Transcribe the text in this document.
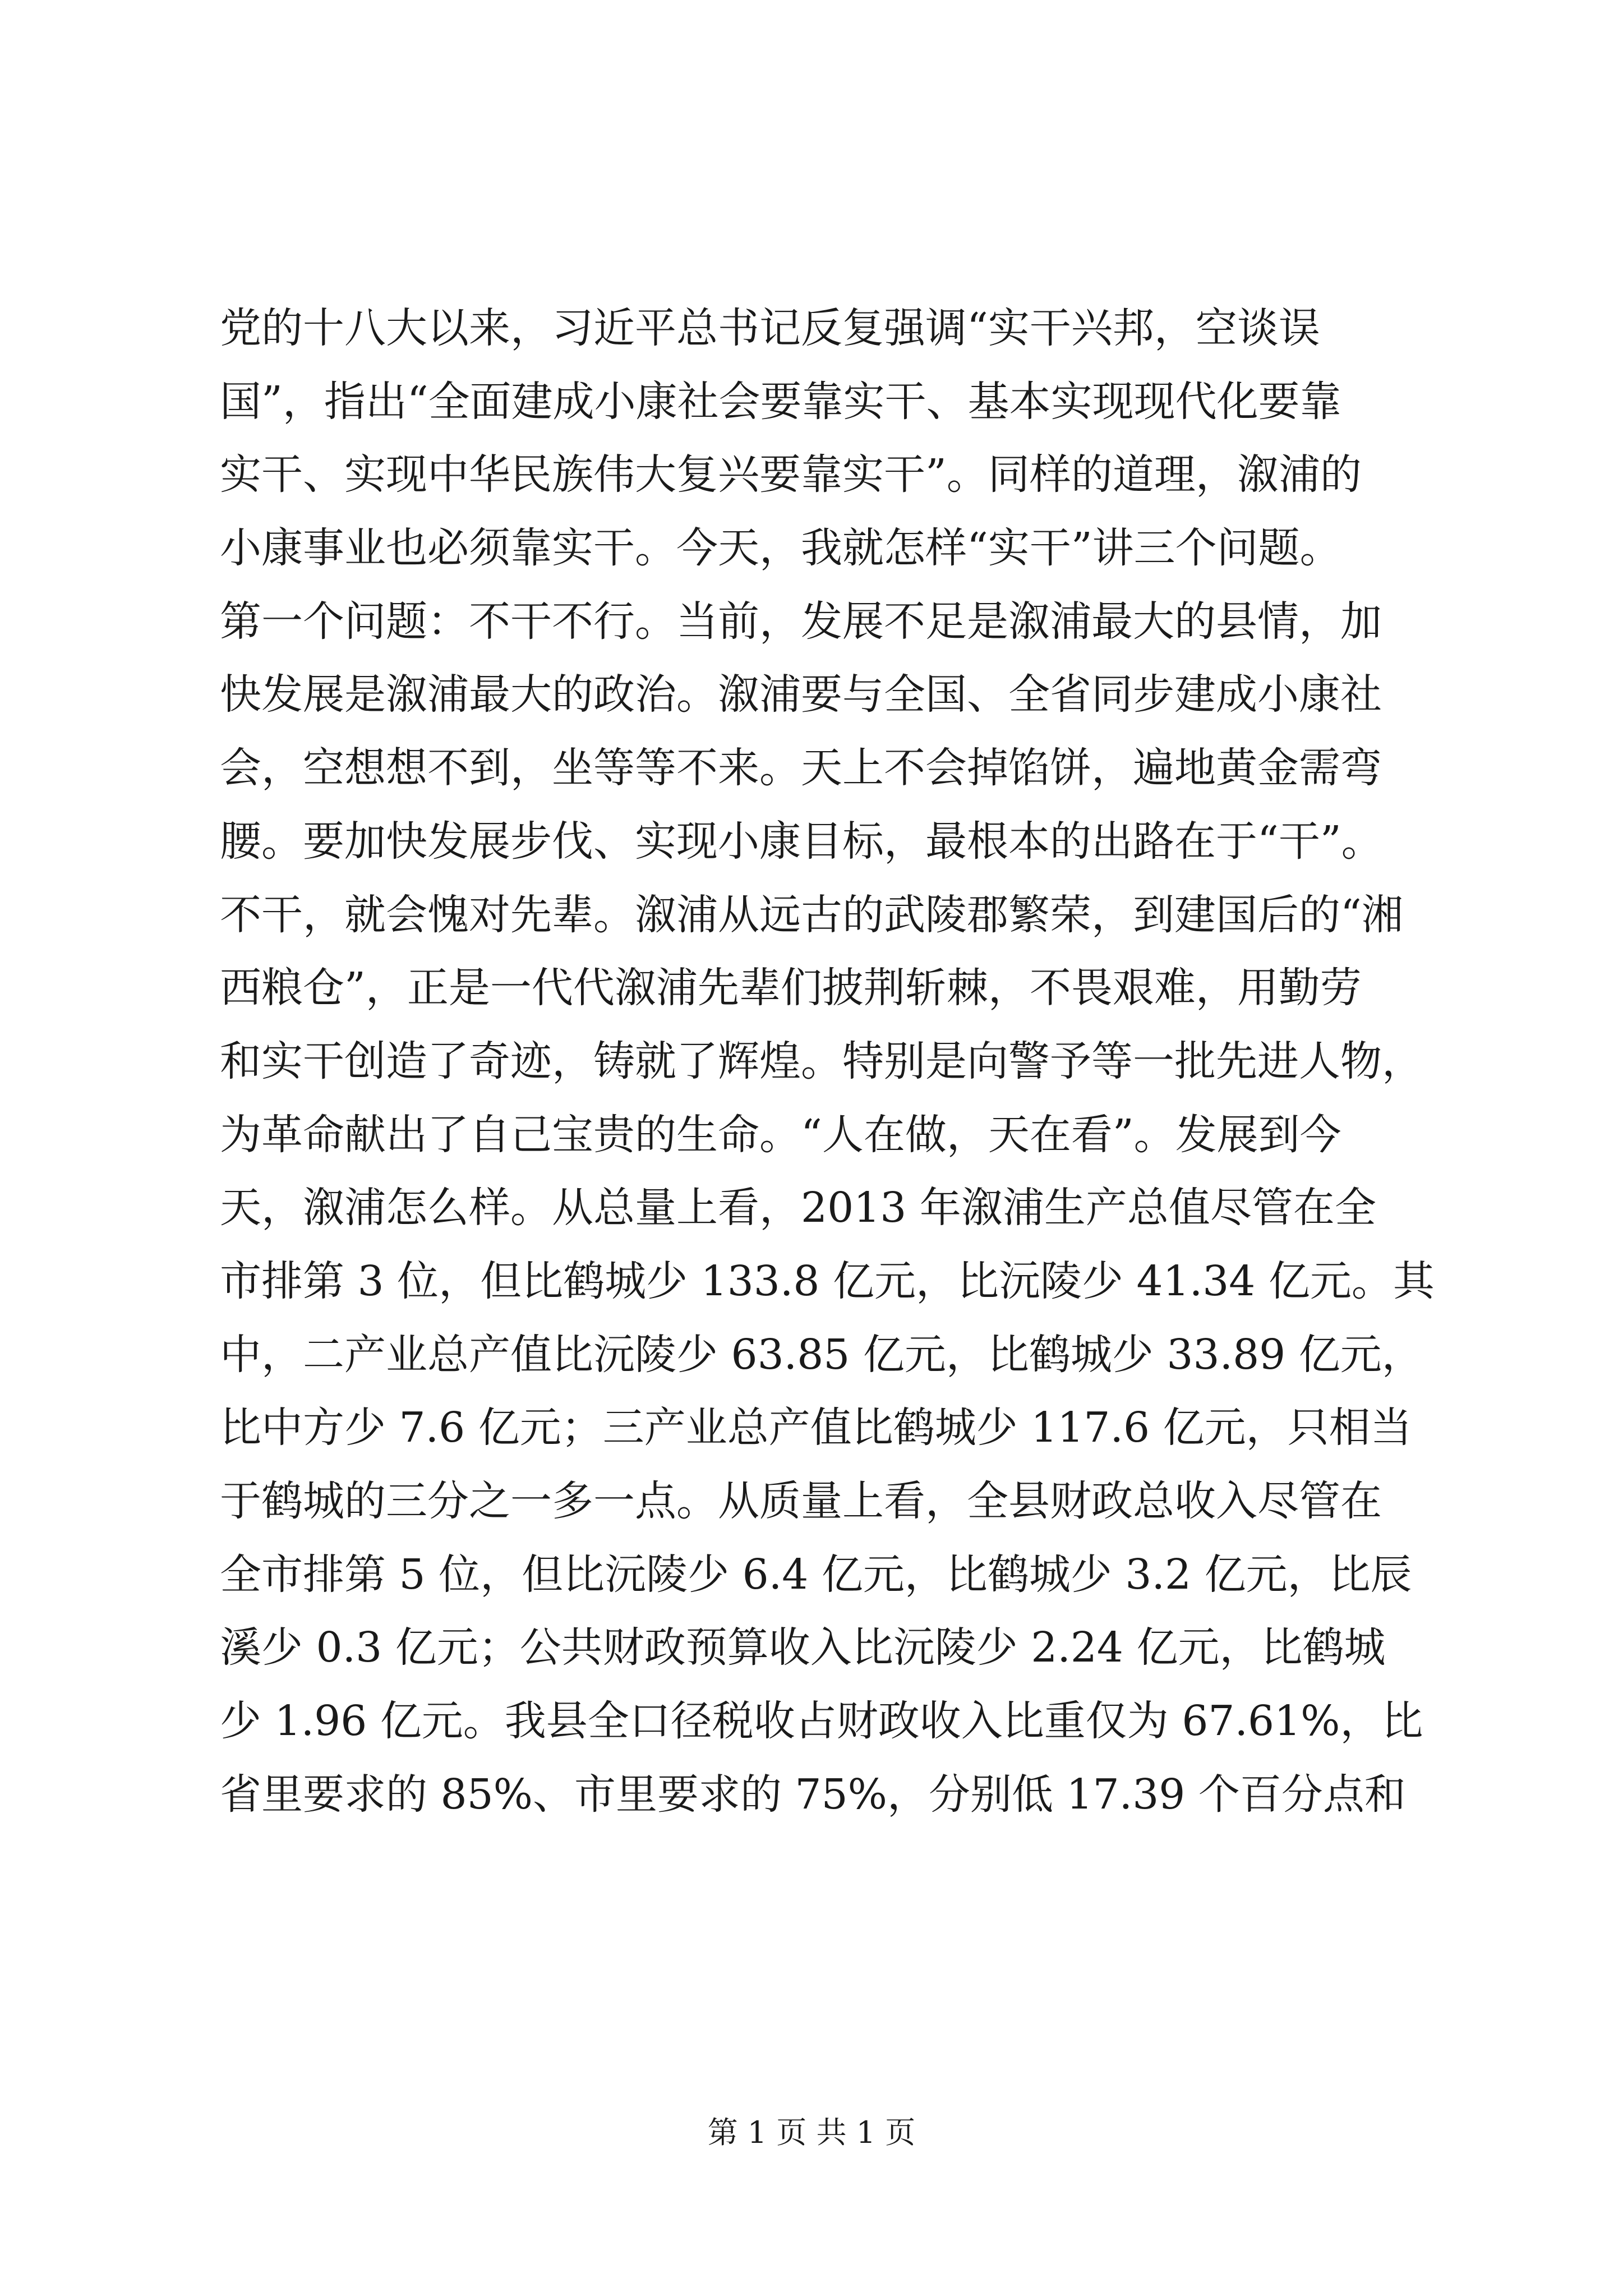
党的十八大以来，习近平总书记反复强调“实干兴邦，空谈误
国”，指出“全面建成小康社会要靠实干、基本实现现代化要靠
实干、实现中华民族伟大复兴要靠实干”。同样的道理，溆浦的
小康事业也必须靠实干。今天，我就怎样“实干”讲三个问题。
第一个问题：不干不行。当前，发展不足是溆浦最大的县情，加
快发展是溆浦最大的政治。溆浦要与全国、全省同步建成小康社
会，空想想不到，坐等等不来。天上不会掉馅饼，遍地黄金需弯
腰。要加快发展步伐、实现小康目标，最根本的出路在于“干”。
不干，就会愧对先辈。溆浦从远古的武陵郡繁荣，到建国后的“湘
西粮仓”，正是一代代溆浦先辈们披荆斩棘，不畏艰难，用勤劳
和实干创造了奇迹，铸就了辉煌。特别是向警予等一批先进人物，
为革命献出了自己宝贵的生命。“人在做，天在看”。发展到今
天，溆浦怎么样。从总量上看，2013 年溆浦生产总值尽管在全
市排第 3 位，但比鹤城少 133.8 亿元，比沅陵少 41.34 亿元。其
中，二产业总产值比沅陵少 63.85 亿元，比鹤城少 33.89 亿元，
比中方少 7.6 亿元；三产业总产值比鹤城少 117.6 亿元，只相当
于鹤城的三分之一多一点。从质量上看，全县财政总收入尽管在
全市排第 5 位，但比沅陵少 6.4 亿元，比鹤城少 3.2 亿元，比辰
溪少 0.3 亿元；公共财政预算收入比沅陵少 2.24 亿元，比鹤城
少 1.96 亿元。我县全口径税收占财政收入比重仅为 67.61%，比
省里要求的 85%、市里要求的 75%，分别低 17.39 个百分点和
第 1 页 共 1 页
